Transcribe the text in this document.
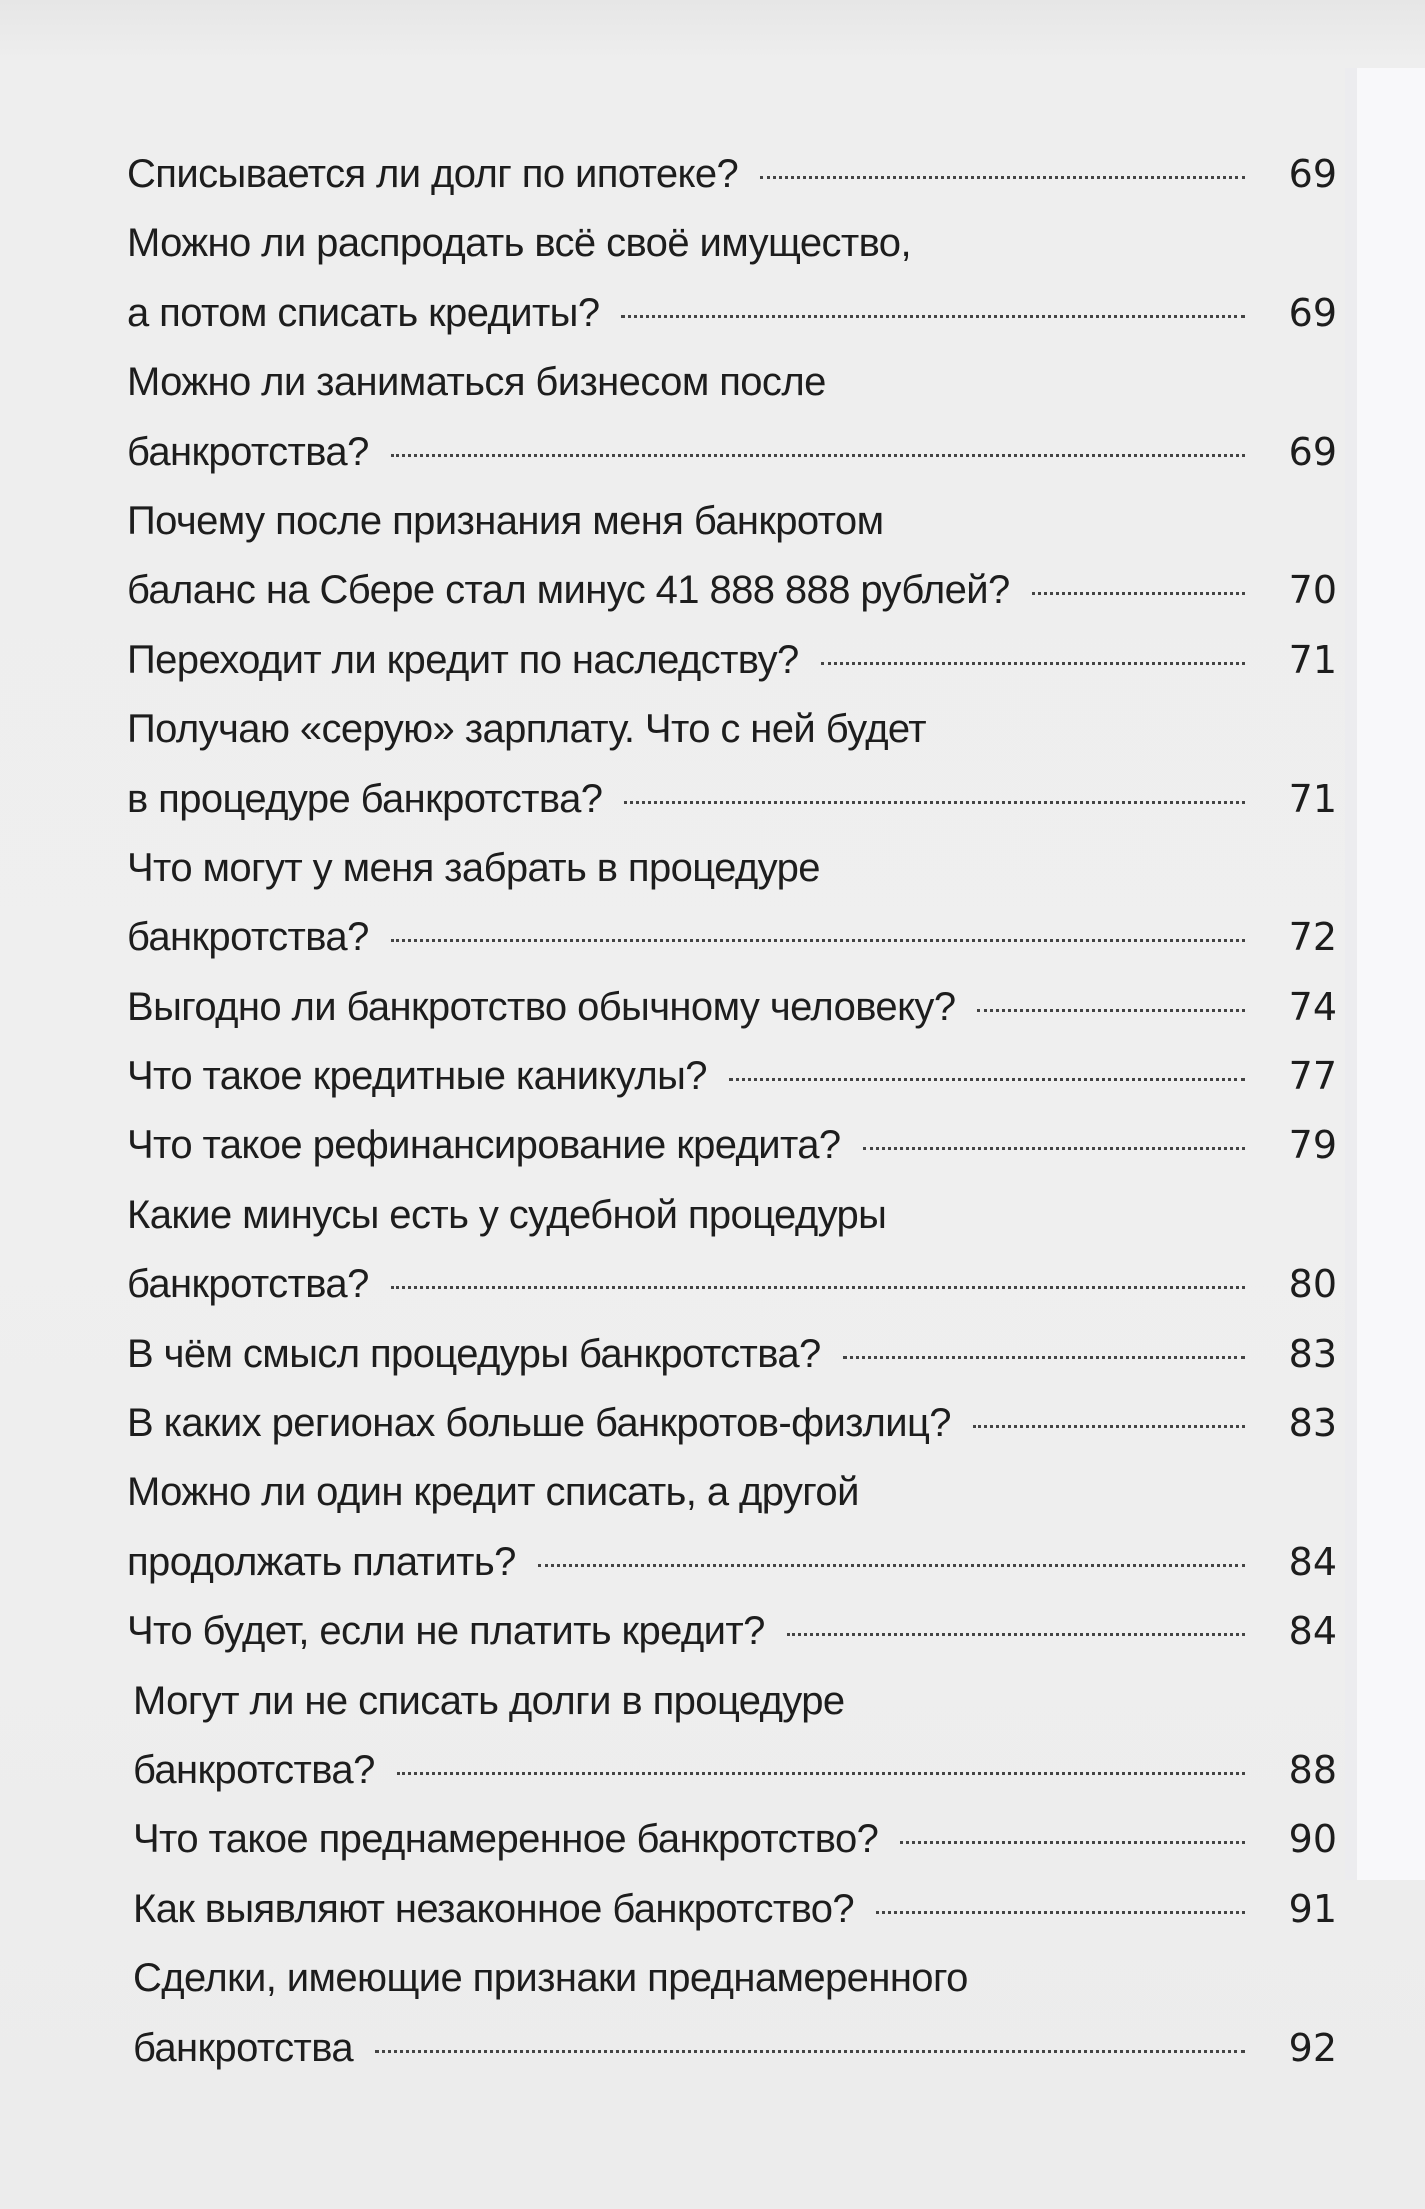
Списывается ли долг по ипотеке?	69
Можно ли распродать всё своё имущество,
а потом списать кредиты?	69
Можно ли заниматься бизнесом после
банкротства?	69
Почему после признания меня банкротом
баланс на Сбере стал минус 41 888 888 рублей?	70
Переходит ли кредит по наследству?	71
Получаю «серую» зарплату. Что с ней будет
в процедуре банкротства?	71
Что могут у меня забрать в процедуре
банкротства?	72
Выгодно ли банкротство обычному человеку?	74
Что такое кредитные каникулы?	77
Что такое рефинансирование кредита?	79
Какие минусы есть у судебной процедуры
банкротства?	80
В чём смысл процедуры банкротства?	83
В каких регионах больше банкротов-физлиц?	83
Можно ли один кредит списать, а другой
продолжать платить?	84
Что будет, если не платить кредит?	84
Могут ли не списать долги в процедуре
банкротства?	88
Что такое преднамеренное банкротство?	90
Как выявляют незаконное банкротство?	91
Сделки, имеющие признаки преднамеренного
банкротства	92
